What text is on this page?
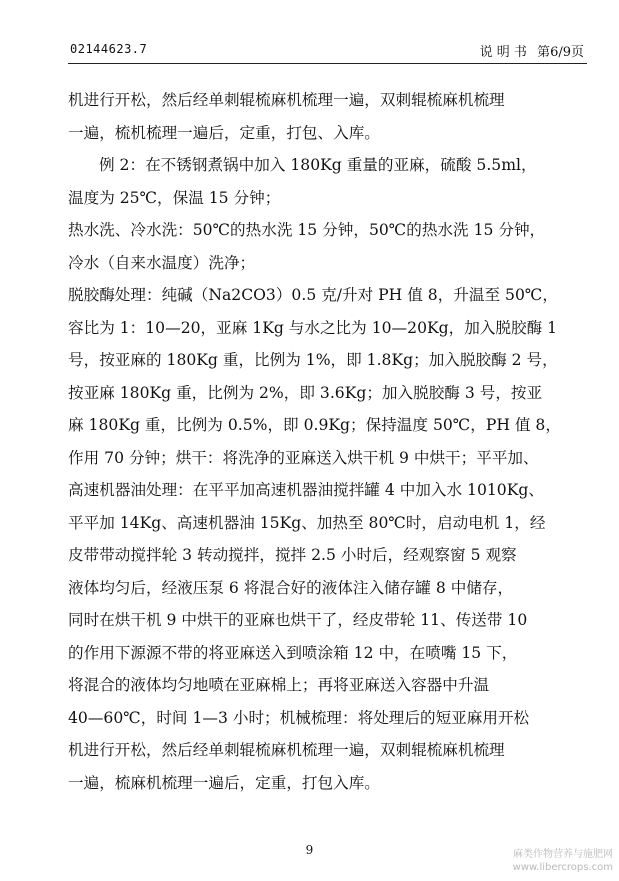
02144623.7	说 明 书 第6/9页
机进行开松，然后经单刺辊梳麻机梳理一遍，双刺辊梳麻机梳理
一遍，梳机梳理一遍后，定重，打包、入库。
例 2：在不锈钢煮锅中加入 180Kg 重量的亚麻，硫酸 5.5ml，
温度为 25℃，保温 15 分钟；
热水洗、冷水洗：50℃的热水洗 15 分钟，50℃的热水洗 15 分钟，
冷水（自来水温度）洗净；
脱胶酶处理：纯碱（Na2CO3）0.5 克/升对 PH 值 8，升温至 50℃，
容比为 1：10—20，亚麻 1Kg 与水之比为 10—20Kg，加入脱胶酶 1
号，按亚麻的 180Kg 重，比例为 1%，即 1.8Kg；加入脱胶酶 2 号，
按亚麻 180Kg 重，比例为 2%，即 3.6Kg；加入脱胶酶 3 号，按亚
麻 180Kg 重，比例为 0.5%，即 0.9Kg；保持温度 50℃，PH 值 8，
作用 70 分钟；烘干：将洗净的亚麻送入烘干机 9 中烘干；平平加、
高速机器油处理：在平平加高速机器油搅拌罐 4 中加入水 1010Kg、
平平加 14Kg、高速机器油 15Kg、加热至 80℃时，启动电机 1，经
皮带带动搅拌轮 3 转动搅拌，搅拌 2.5 小时后，经观察窗 5 观察
液体均匀后，经液压泵 6 将混合好的液体注入储存罐 8 中储存，
同时在烘干机 9 中烘干的亚麻也烘干了，经皮带轮 11、传送带 10
的作用下源源不带的将亚麻送入到喷涂箱 12 中，在喷嘴 15 下，
将混合的液体均匀地喷在亚麻棉上；再将亚麻送入容器中升温
40—60℃，时间 1—3 小时；机械梳理：将处理后的短亚麻用开松
机进行开松，然后经单刺辊梳麻机梳理一遍，双刺辊梳麻机梳理
一遍，梳麻机梳理一遍后，定重，打包入库。
9	麻类作物营养与施肥网
www.libercrops.com
